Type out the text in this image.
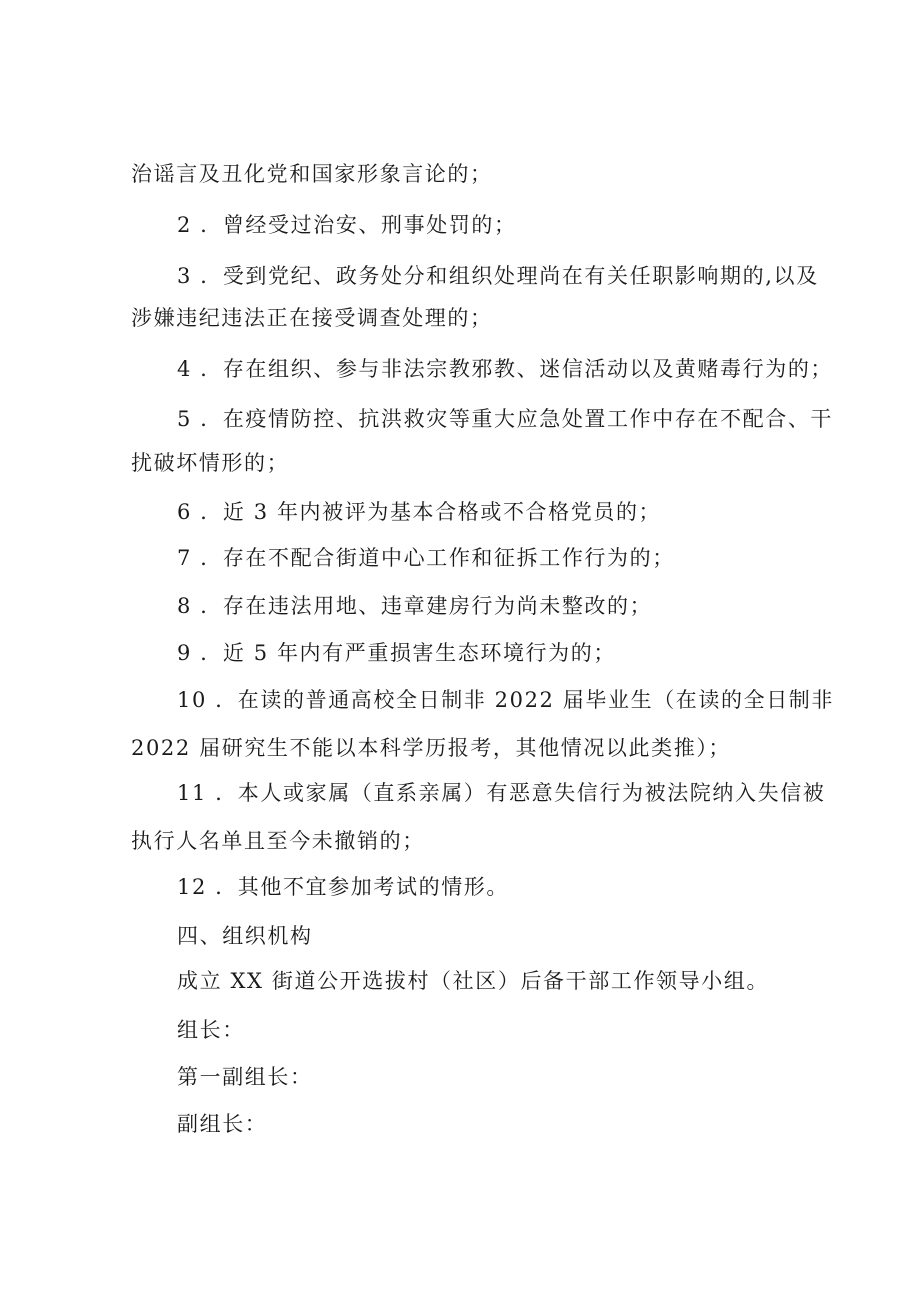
治谣言及丑化党和国家形象言论的；
2 ．曾经受过治安、刑事处罚的；
3 ．受到党纪、政务处分和组织处理尚在有关任职影响期的,以及
涉嫌违纪违法正在接受调查处理的；
4 ．存在组织、参与非法宗教邪教、迷信活动以及黄赌毒行为的；
5 ．在疫情防控、抗洪救灾等重大应急处置工作中存在不配合、干
扰破坏情形的；
6 ．近 3 年内被评为基本合格或不合格党员的；
7 ．存在不配合街道中心工作和征拆工作行为的；
8 ．存在违法用地、违章建房行为尚未整改的；
9 ．近 5 年内有严重损害生态环境行为的；
10 ．在读的普通高校全日制非 2022 届毕业生（在读的全日制非
2022 届研究生不能以本科学历报考，其他情况以此类推）；
11 ．本人或家属（直系亲属）有恶意失信行为被法院纳入失信被
执行人名单且至今未撤销的；
12 ．其他不宜参加考试的情形。
四、组织机构
成立 XX 街道公开选拔村（社区）后备干部工作领导小组。
组长：
第一副组长：
副组长：
